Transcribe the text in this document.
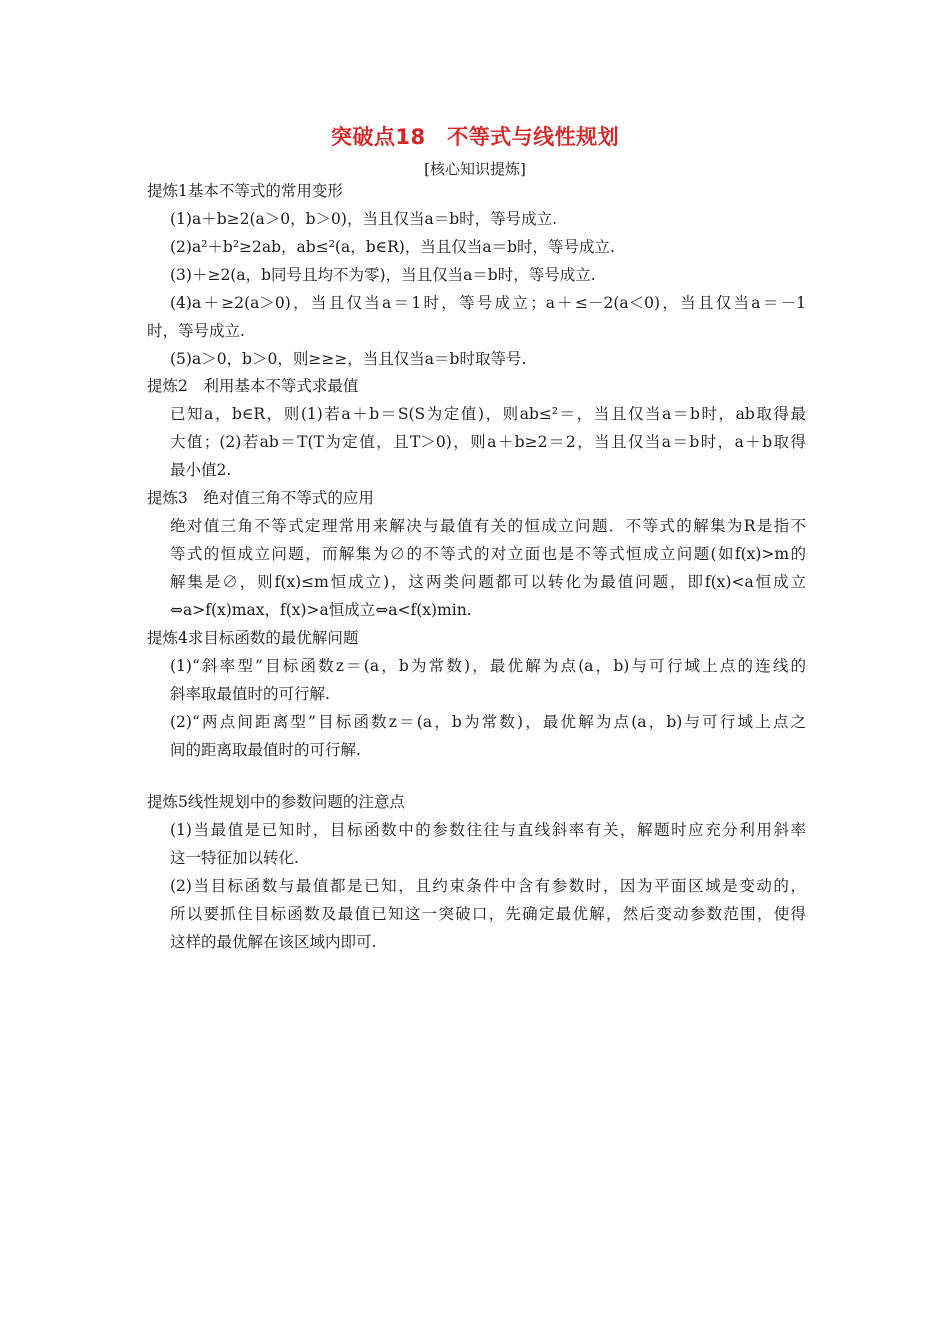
突破点18　不等式与线性规划
[核心知识提炼]
提炼1基本不等式的常用变形
(1)a＋b≥2(a＞0，b＞0)，当且仅当a＝b时，等号成立.
(2)a²＋b²≥2ab，ab≤²(a，b∈R)，当且仅当a＝b时，等号成立.
(3)＋≥2(a，b同号且均不为零)，当且仅当a＝b时，等号成立.
(4)a＋≥2(a＞0)，当且仅当a＝1时，等号成立；a＋≤－2(a＜0)，当且仅当a＝－1
时，等号成立.
(5)a＞0，b＞0，则≥≥≥，当且仅当a＝b时取等号.
提炼2　利用基本不等式求最值
已知a，b∈R，则(1)若a＋b＝S(S为定值)，则ab≤²＝，当且仅当a＝b时，ab取得最
大值；(2)若ab＝T(T为定值，且T＞0)，则a＋b≥2＝2，当且仅当a＝b时，a＋b取得
最小值2.
提炼3　绝对值三角不等式的应用
绝对值三角不等式定理常用来解决与最值有关的恒成立问题．不等式的解集为R是指不
等式的恒成立问题，而解集为∅的不等式的对立面也是不等式恒成立问题(如f(x)>m的
解集是∅，则f(x)≤m恒成立)，这两类问题都可以转化为最值问题，即f(x)<a恒成立
⇔a>f(x)max，f(x)>a恒成立⇔a<f(x)min.
提炼4求目标函数的最优解问题
(1)“斜率型”目标函数z＝(a，b为常数)，最优解为点(a，b)与可行域上点的连线的
斜率取最值时的可行解.
(2)“两点间距离型”目标函数z＝(a，b为常数)，最优解为点(a，b)与可行域上点之
间的距离取最值时的可行解.
提炼5线性规划中的参数问题的注意点
(1)当最值是已知时，目标函数中的参数往往与直线斜率有关，解题时应充分利用斜率
这一特征加以转化.
(2)当目标函数与最值都是已知，且约束条件中含有参数时，因为平面区域是变动的，
所以要抓住目标函数及最值已知这一突破口，先确定最优解，然后变动参数范围，使得
这样的最优解在该区域内即可.
